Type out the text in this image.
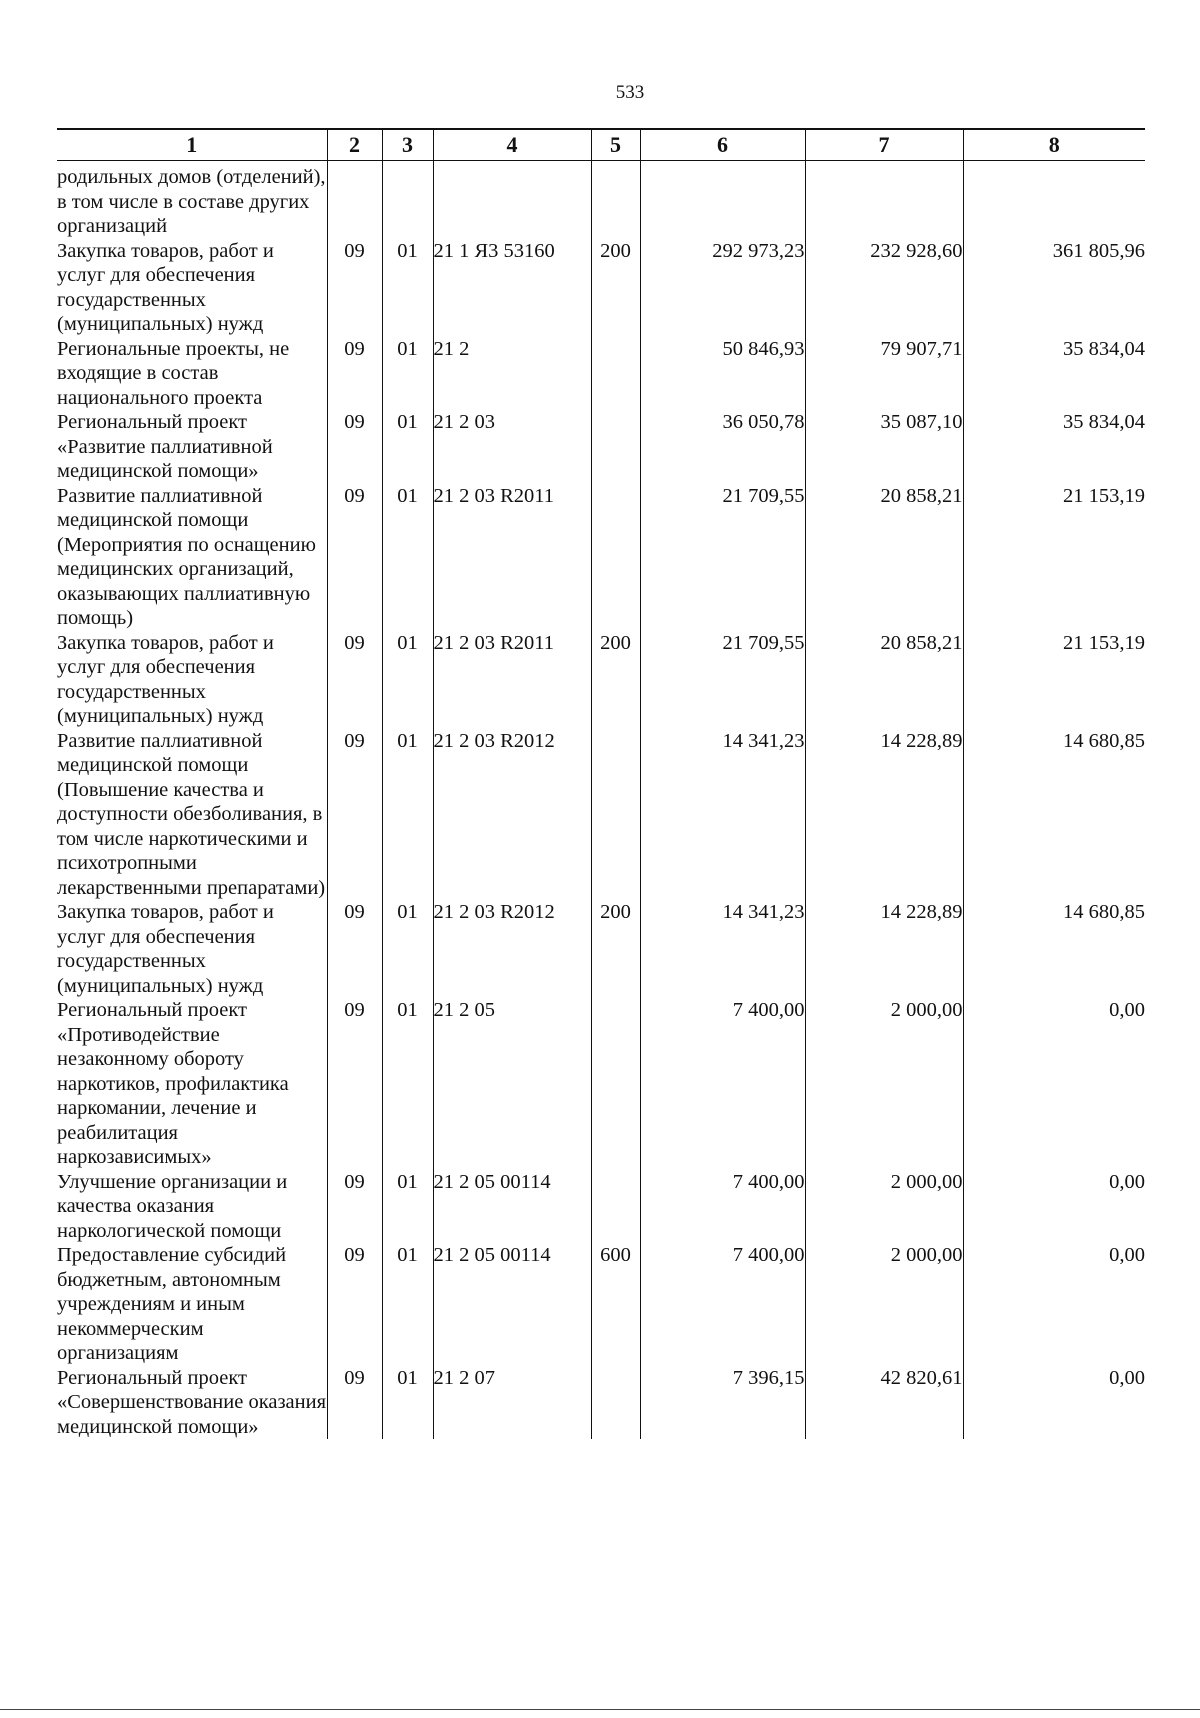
533
1	2	3	4	5	6	7	8
родильных домов (отделений), в том числе в составе других организаций							
Закупка товаров, работ и услуг для обеспечения государственных (муниципальных) нужд	09	01	21 1 Я3 53160	200	292 973,23	232 928,60	361 805,96
Региональные проекты, не входящие в состав национального проекта	09	01	21 2		50 846,93	79 907,71	35 834,04
Региональный проект «Развитие паллиативной медицинской помощи»	09	01	21 2 03		36 050,78	35 087,10	35 834,04
Развитие паллиативной медицинской помощи (Мероприятия по оснащению медицинских организаций, оказывающих паллиативную помощь)	09	01	21 2 03 R2011		21 709,55	20 858,21	21 153,19
Закупка товаров, работ и услуг для обеспечения государственных (муниципальных) нужд	09	01	21 2 03 R2011	200	21 709,55	20 858,21	21 153,19
Развитие паллиативной медицинской помощи (Повышение качества и доступности обезболивания, в том числе наркотическими и психотропными лекарственными препаратами)	09	01	21 2 03 R2012		14 341,23	14 228,89	14 680,85
Закупка товаров, работ и услуг для обеспечения государственных (муниципальных) нужд	09	01	21 2 03 R2012	200	14 341,23	14 228,89	14 680,85
Региональный проект «Противодействие незаконному обороту наркотиков, профилактика наркомании, лечение и реабилитация наркозависимых»	09	01	21 2 05		7 400,00	2 000,00	0,00
Улучшение организации и качества оказания наркологической помощи	09	01	21 2 05 00114		7 400,00	2 000,00	0,00
Предоставление субсидий бюджетным, автономным учреждениям и иным некоммерческим организациям	09	01	21 2 05 00114	600	7 400,00	2 000,00	0,00
Региональный проект «Совершенствование оказания медицинской помощи»	09	01	21 2 07		7 396,15	42 820,61	0,00
